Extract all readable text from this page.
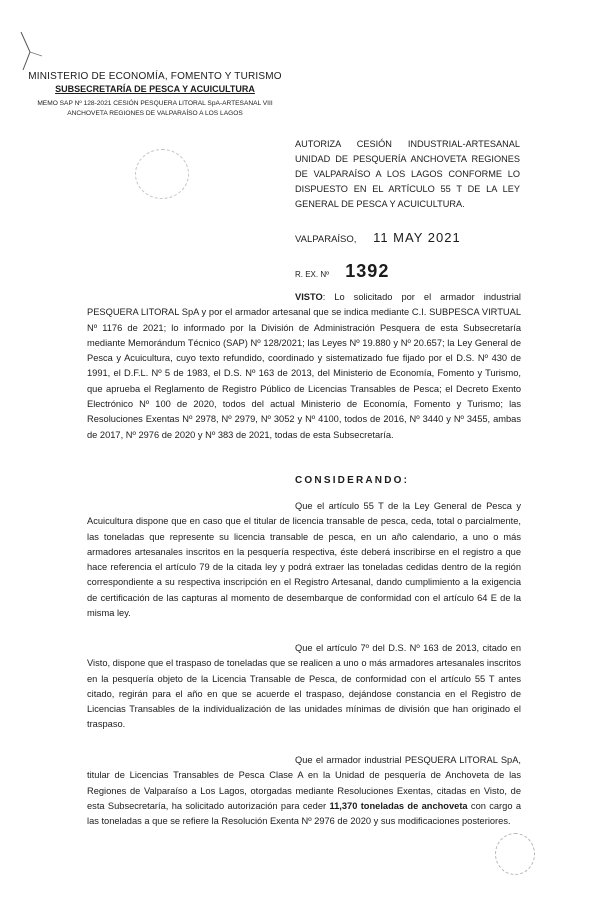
MINISTERIO DE ECONOMÍA, FOMENTO Y TURISMO
SUBSECRETARÍA DE PESCA Y ACUICULTURA
MEMO SAP Nº 128-2021 CESIÓN PESQUERA LITORAL SpA-ARTESANAL VIII
ANCHOVETA REGIONES DE VALPARAÍSO A LOS LAGOS
AUTORIZA CESIÓN INDUSTRIAL-ARTESANAL UNIDAD DE PESQUERÍA ANCHOVETA REGIONES DE VALPARAÍSO A LOS LAGOS CONFORME LO DISPUESTO EN EL ARTÍCULO 55 T DE LA LEY GENERAL DE PESCA Y ACUICULTURA.
VALPARAÍSO, 11 MAY 2021
R. EX. Nº 1392
VISTO: Lo solicitado por el armador industrial PESQUERA LITORAL SpA y por el armador artesanal que se indica mediante C.I. SUBPESCA VIRTUAL Nº 1176 de 2021; lo informado por la División de Administración Pesquera de esta Subsecretaría mediante Memorándum Técnico (SAP) Nº 128/2021; las Leyes Nº 19.880 y Nº 20.657; la Ley General de Pesca y Acuicultura, cuyo texto refundido, coordinado y sistematizado fue fijado por el D.S. Nº 430 de 1991, el D.F.L. Nº 5 de 1983, el D.S. Nº 163 de 2013, del Ministerio de Economía, Fomento y Turismo, que aprueba el Reglamento de Registro Público de Licencias Transables de Pesca; el Decreto Exento Electrónico Nº 100 de 2020, todos del actual Ministerio de Economía, Fomento y Turismo; las Resoluciones Exentas Nº 2978, Nº 2979, Nº 3052 y Nº 4100, todos de 2016, Nº 3440 y Nº 3455, ambas de 2017, Nº 2976 de 2020 y Nº 383 de 2021, todas de esta Subsecretaría.
CONSIDERANDO:
Que el artículo 55 T de la Ley General de Pesca y Acuicultura dispone que en caso que el titular de licencia transable de pesca, ceda, total o parcialmente, las toneladas que represente su licencia transable de pesca, en un año calendario, a uno o más armadores artesanales inscritos en la pesquería respectiva, éste deberá inscribirse en el registro a que hace referencia el artículo 79 de la citada ley y podrá extraer las toneladas cedidas dentro de la región correspondiente a su respectiva inscripción en el Registro Artesanal, dando cumplimiento a la exigencia de certificación de las capturas al momento de desembarque de conformidad con el artículo 64 E de la misma ley.
Que el artículo 7º del D.S. Nº 163 de 2013, citado en Visto, dispone que el traspaso de toneladas que se realicen a uno o más armadores artesanales inscritos en la pesquería objeto de la Licencia Transable de Pesca, de conformidad con el artículo 55 T antes citado, regirán para el año en que se acuerde el traspaso, dejándose constancia en el Registro de Licencias Transables de la individualización de las unidades mínimas de división que han originado el traspaso.
Que el armador industrial PESQUERA LITORAL SpA, titular de Licencias Transables de Pesca Clase A en la Unidad de pesquería de Anchoveta de las Regiones de Valparaíso a Los Lagos, otorgadas mediante Resoluciones Exentas, citadas en Visto, de esta Subsecretaría, ha solicitado autorización para ceder 11,370 toneladas de anchoveta con cargo a las toneladas a que se refiere la Resolución Exenta Nº 2976 de 2020 y sus modificaciones posteriores.
